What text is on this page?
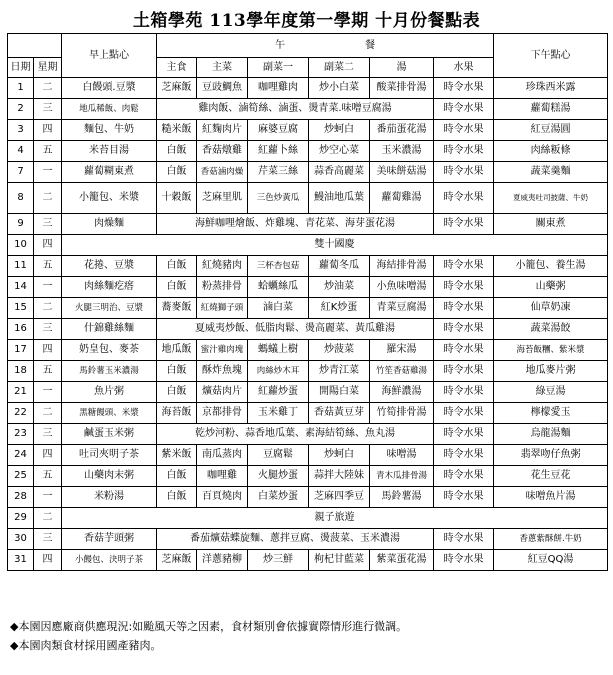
土箱學苑 113學年度第一學期 十月份餐點表
		早上點心	午　　　　　　　　餐						下午點心
日期	星期		主食	主菜	副菜一	副菜二	湯	水果	
1	二	白饅頭.豆漿	芝麻飯	豆豉鯛魚	咖哩雞肉	炒小白菜	酸菜排骨湯	時令水果	珍珠西米露
2	三	地瓜稀飯、肉鬆	雞肉飯、滷筍絲、滷蛋、燙青菜.味噌豆腐湯					時令水果	蘿蔔糕湯
3	四	麵包、牛奶	糙米飯	紅麴肉片	麻婆豆腐	炒蚵白	番茄蛋花湯	時令水果	紅豆湯圓
4	五	米苔目湯	白飯	香菇燉雞	紅蘿卜絲	炒空心菜	玉米濃湯	時令水果	肉絲粄條
7	一	蘿蔔糊東煮	白飯	香菇滷肉燥	芹菜三絲	蒜香高麗菜	美味餅菇湯	時令水果	蔬菜羹麵
8	二	小籠包、米漿	十穀飯	芝麻里肌	三色炒黃瓜	鰻油地瓜葉	蘿蔔雞湯	時令水果	夏威夷吐司披薩、牛奶
9	三	肉燥麵	海鮮咖哩燴飯、炸雞塊、青花菜、海芽蛋花湯					時令水果	關東煮
10	四	雙十國慶							
11	五	花捲、豆漿	白飯	紅燒豬肉	三杯杏包菇	蘿蔔冬瓜	海結排骨湯	時令水果	小籠包、養生湯
14	一	肉絲麵疙瘩	白飯	粉蒸排骨	蛤蠣絲瓜	炒油菜	小魚味噌湯	時令水果	山藥粥
15	二	火腿三明治、豆漿	蕎麥飯	紅燒獅子頭	滷白菜	紅K炒蛋	青菜豆腐湯	時令水果	仙草奶凍
16	三	什錦雞絲麵	夏威夷炒飯、低脂肉鬆、燙高麗菜、黃瓜雞湯					時令水果	蔬菜湯餃
17	四	奶皇包、麥茶	地瓜飯	蜜汁雞肉塊	螞蟻上樹	炒菠菜	羅宋湯	時令水果	海苔飯糰、紫米漿
18	五	馬鈴薯玉米濃湯	白飯	酥炸魚塊	肉絲炒木耳	炒青江菜	竹笙香菇雞湯	時令水果	地瓜麥片粥
21	一	魚片粥	白飯	爌菇肉片	紅蘿炒蛋	開陽白菜	海鮮濃湯	時令水果	綠豆湯
22	二	黑糖饅頭、米漿	海苔飯	京都排骨	玉米雞丁	香菇黃豆芽	竹筍排骨湯	時令水果	檸檬愛玉
23	三	鹹蛋玉米粥	乾炒河粉、蒜香地瓜葉、素海結筍絲、魚丸湯					時令水果	烏龍湯麵
24	四	吐司夾明子茶	紫米飯	南瓜蒸肉	豆腐鬆	炒蚵白	味噌湯	時令水果	翡翠吻仔魚粥
25	五	山藥肉末粥	白飯	咖哩雞	火腿炒蛋	蒜拌大陸妹	青木瓜排骨湯	時令水果	花生豆花
28	一	米粉湯	白飯	百頁燒肉	白菜炒蛋	芝麻四季豆	馬鈴薯湯	時令水果	味噌魚片湯
29	二	親子旅遊							
30	三	香菇芋頭粥	番茄爌菇蝶旋麵、蔥拌豆腐、燙菠菜、玉米濃湯					時令水果	香蔥紫酥餅.牛奶
31	四	小饅包、決明子茶	芝麻飯	洋蔥豬柳	炒三鮮	枸杞甘藍菜	紫菜蛋花湯	時令水果	紅豆QQ湯
◆本園因應廠商供應現況:如颱風天等之因素，食材類別會依據實際情形進行微調。
◆本園肉類食材採用國產豬肉。
